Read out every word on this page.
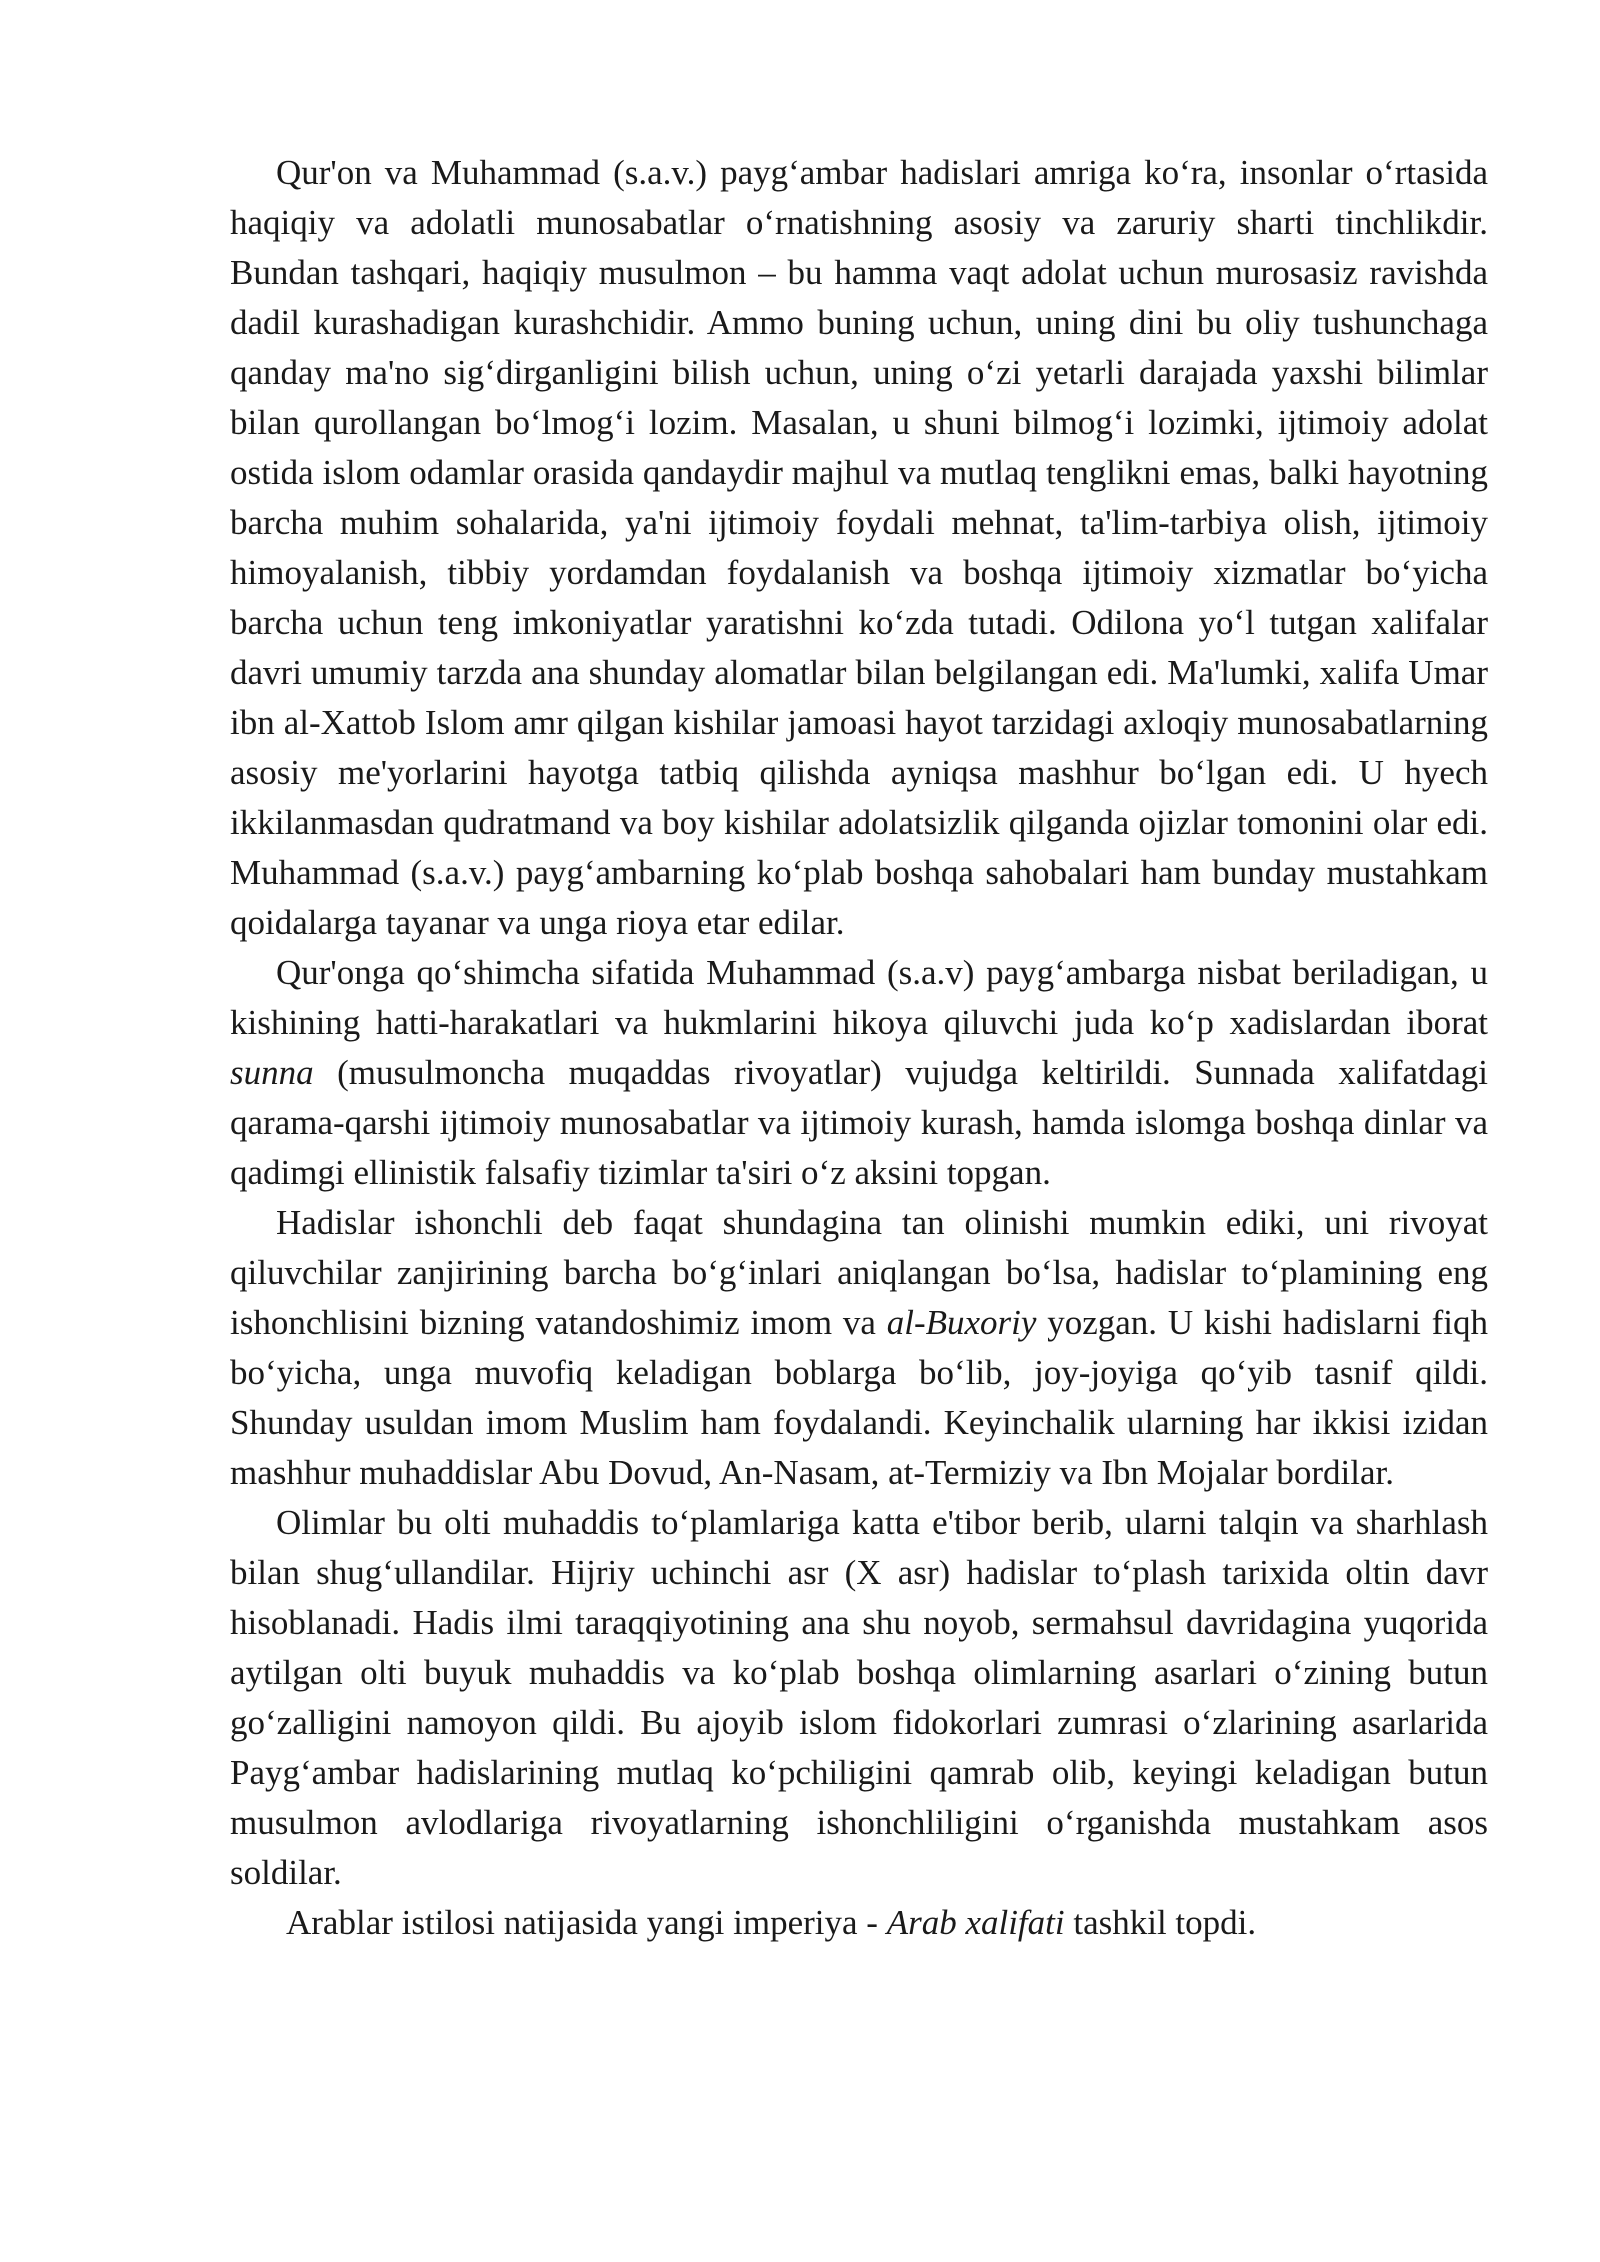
Qur'on va Muhammad (s.a.v.) payg‘ambar hadislari amriga ko‘ra, insonlar o‘rtasida haqiqiy va adolatli munosabatlar o‘rnatishning asosiy va zaruriy sharti tinchlikdir. Bundan tashqari, haqiqiy musulmon – bu hamma vaqt adolat uchun murosasiz ravishda dadil kurashadigan kurashchidir. Ammo buning uchun, uning dini bu oliy tushunchaga qanday ma'no sig‘dirganligini bilish uchun, uning o‘zi yetarli darajada yaxshi bilimlar bilan qurollangan bo‘lmog‘i lozim. Masalan, u shuni bilmog‘i lozimki, ijtimoiy adolat ostida islom odamlar orasida qandaydir majhul va mutlaq tenglikni emas, balki hayotning barcha muhim sohalarida, ya'ni ijtimoiy foydali mehnat, ta'lim-tarbiya olish, ijtimoiy himoyalanish, tibbiy yordamdan foydalanish va boshqa ijtimoiy xizmatlar bo‘yicha barcha uchun teng imkoniyatlar yaratishni ko‘zda tutadi. Odilona yo‘l tutgan xalifalar davri umumiy tarzda ana shunday alomatlar bilan belgilangan edi. Ma'lumki, xalifa Umar ibn al-Xattob Islom amr qilgan kishilar jamoasi hayot tarzidagi axloqiy munosabatlarning asosiy me'yorlarini hayotga tatbiq qilishda ayniqsa mashhur bo‘lgan edi. U hyech ikkilanmasdan qudratmand va boy kishilar adolatsizlik qilganda ojizlar tomonini olar edi. Muhammad (s.a.v.) payg‘ambarning ko‘plab boshqa sahobalari ham bunday mustahkam qoidalarga tayanar va unga rioya etar edilar.

Qur'onga qo‘shimcha sifatida Muhammad (s.a.v) payg‘ambarga nisbat beriladigan, u kishining hatti-harakatlari va hukmlarini hikoya qiluvchi juda ko‘p xadislardan iborat sunna (musulmoncha muqaddas rivoyatlar) vujudga keltirildi. Sunnada xalifatdagi qarama-qarshi ijtimoiy munosabatlar va ijtimoiy kurash, hamda islomga boshqa dinlar va qadimgi ellinistik falsafiy tizimlar ta'siri o‘z aksini topgan.

Hadislar ishonchli deb faqat shundagina tan olinishi mumkin ediki, uni rivoyat qiluvchilar zanjirining barcha bo‘g‘inlari aniqlangan bo‘lsa, hadislar to‘plamining eng ishonchlisini bizning vatandoshimiz imom va al-Buxoriy yozgan. U kishi hadislarni fiqh bo‘yicha, unga muvofiq keladigan boblarga bo‘lib, joy-joyiga qo‘yib tasnif qildi. Shunday usuldan imom Muslim ham foydalandi. Keyinchalik ularning har ikkisi izidan mashhur muhaddislar Abu Dovud, An-Nasam, at-Termiziy va Ibn Mojalar bordilar.

Olimlar bu olti muhaddis to‘plamlariga katta e'tibor berib, ularni talqin va sharhlash bilan shug‘ullandilar. Hijriy uchinchi asr (X asr) hadislar to‘plash tarixida oltin davr hisoblanadi. Hadis ilmi taraqqiyotining ana shu noyob, sermahsul davridagina yuqorida aytilgan olti buyuk muhaddis va ko‘plab boshqa olimlarning asarlari o‘zining butun go‘zalligini namoyon qildi. Bu ajoyib islom fidokorlari zumrasi o‘zlarining asarlarida Payg‘ambar hadislarining mutlaq ko‘pchiligini qamrab olib, keyingi keladigan butun musulmon avlodlariga rivoyatlarning ishonchliligini o‘rganishda mustahkam asos soldilar.

Arablar istilosi natijasida yangi imperiya - Arab xalifati tashkil topdi.
